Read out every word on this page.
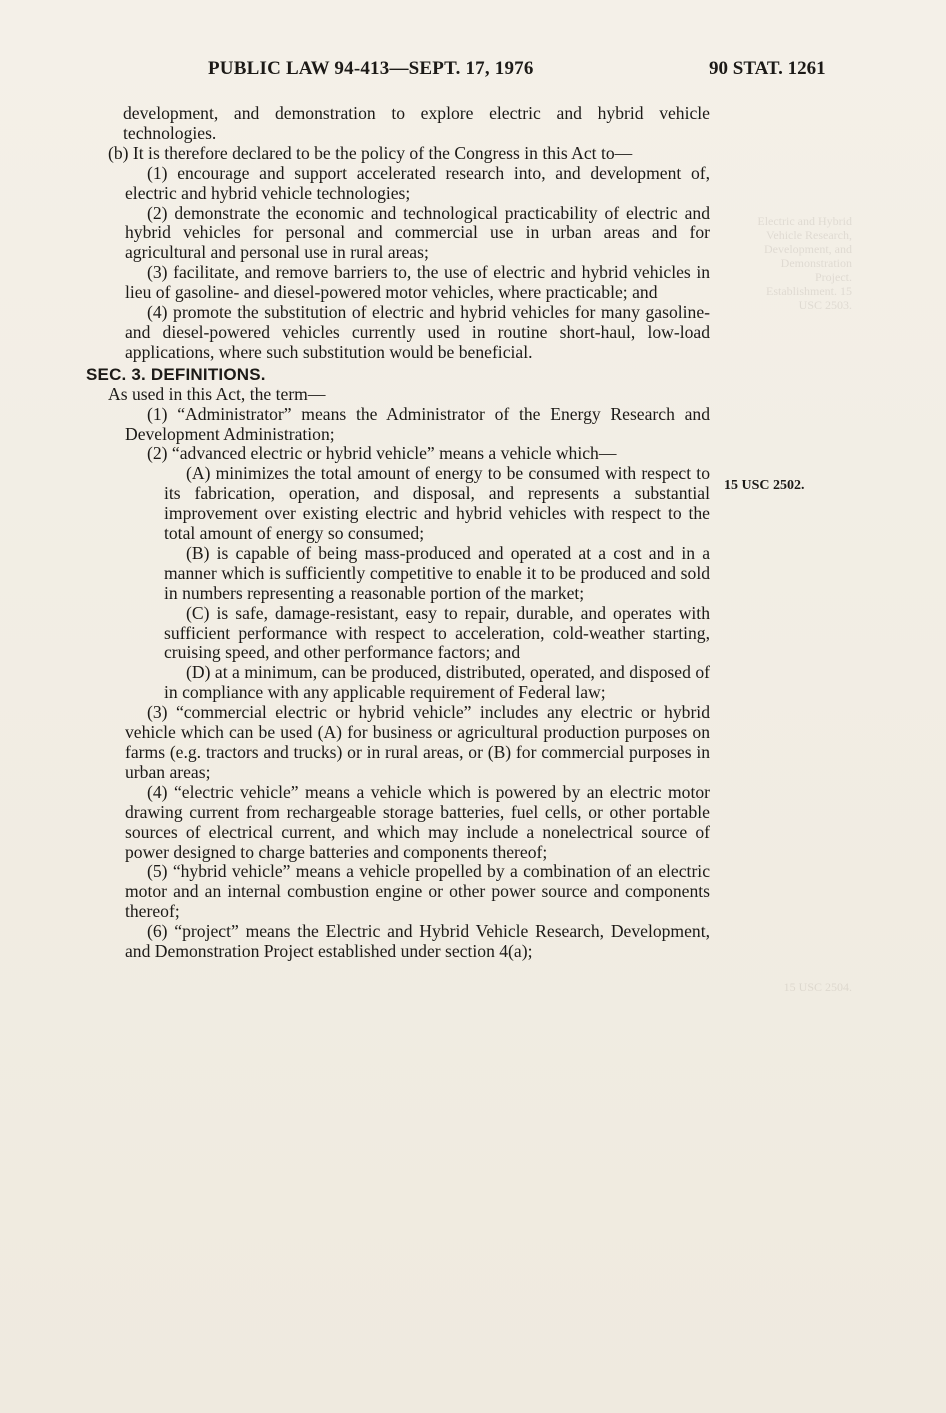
PUBLIC LAW 94-413—SEPT. 17, 1976	90 STAT. 1261
Electric and Hybrid Vehicle Research, Development, and Demonstration Project. Establishment. 15 USC 2503.
15 USC 2504.
15 USC 2502.

development, and demonstration to explore electric and hybrid vehicle technologies.

(b) It is therefore declared to be the policy of the Congress in this Act to—

(1) encourage and support accelerated research into, and development of, electric and hybrid vehicle technologies;

(2) demonstrate the economic and technological practicability of electric and hybrid vehicles for personal and commercial use in urban areas and for agricultural and personal use in rural areas;

(3) facilitate, and remove barriers to, the use of electric and hybrid vehicles in lieu of gasoline- and diesel-powered motor vehicles, where practicable; and

(4) promote the substitution of electric and hybrid vehicles for many gasoline- and diesel-powered vehicles currently used in routine short-haul, low-load applications, where such substitution would be beneficial.

SEC. 3. DEFINITIONS.

As used in this Act, the term—

(1) “Administrator” means the Administrator of the Energy Research and Development Administration;

(2) “advanced electric or hybrid vehicle” means a vehicle which—

(A) minimizes the total amount of energy to be consumed with respect to its fabrication, operation, and disposal, and represents a substantial improvement over existing electric and hybrid vehicles with respect to the total amount of energy so consumed;

(B) is capable of being mass-produced and operated at a cost and in a manner which is sufficiently competitive to enable it to be produced and sold in numbers representing a reasonable portion of the market;

(C) is safe, damage-resistant, easy to repair, durable, and operates with sufficient performance with respect to acceleration, cold-weather starting, cruising speed, and other performance factors; and

(D) at a minimum, can be produced, distributed, operated, and disposed of in compliance with any applicable requirement of Federal law;

(3) “commercial electric or hybrid vehicle” includes any electric or hybrid vehicle which can be used (A) for business or agricultural production purposes on farms (e.g. tractors and trucks) or in rural areas, or (B) for commercial purposes in urban areas;

(4) “electric vehicle” means a vehicle which is powered by an electric motor drawing current from rechargeable storage batteries, fuel cells, or other portable sources of electrical current, and which may include a nonelectrical source of power designed to charge batteries and components thereof;

(5) “hybrid vehicle” means a vehicle propelled by a combination of an electric motor and an internal combustion engine or other power source and components thereof;

(6) “project” means the Electric and Hybrid Vehicle Research, Development, and Demonstration Project established under section 4(a);
